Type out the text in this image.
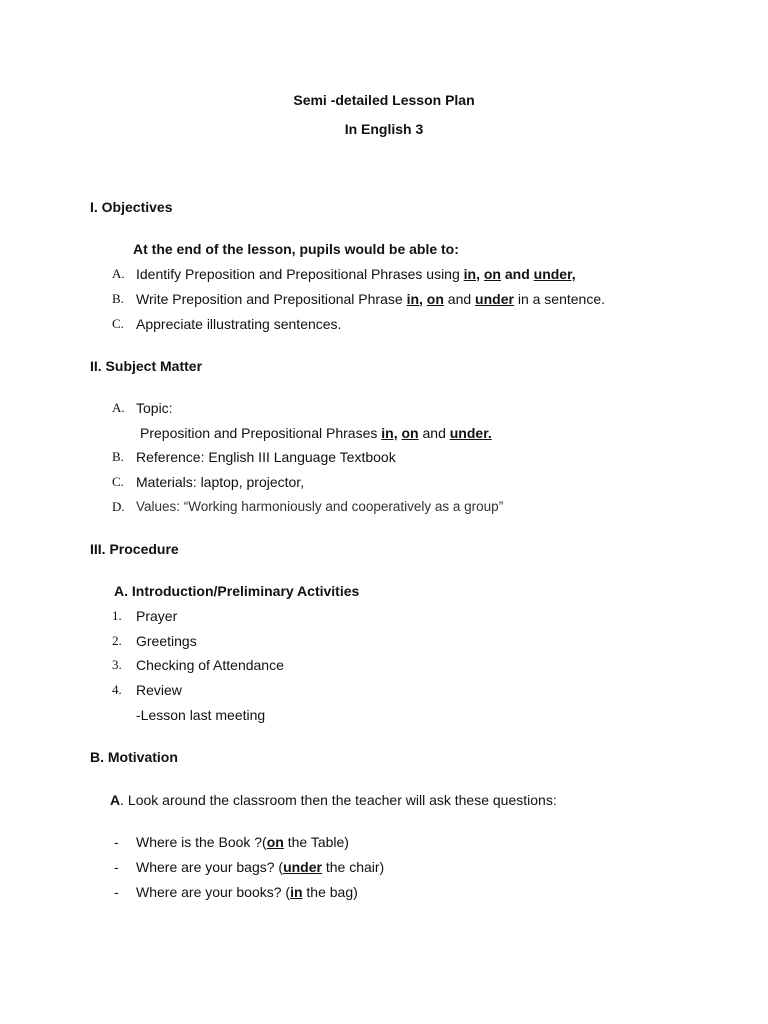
Semi -detailed Lesson Plan
In English 3
I. Objectives
At the end of the lesson, pupils would be able to:
A. Identify Preposition and Prepositional Phrases using in, on and under,
B. Write Preposition and Prepositional Phrase in, on and under in a sentence.
C. Appreciate illustrating sentences.
II. Subject Matter
A. Topic:
Preposition and Prepositional Phrases in, on and under.
B. Reference: English III Language Textbook
C. Materials: laptop, projector,
D. Values: “Working harmoniously and cooperatively as a group”
III. Procedure
A. Introduction/Preliminary Activities
1. Prayer
2. Greetings
3. Checking of Attendance
4. Review
-Lesson last meeting
B. Motivation
A. Look around the classroom then the teacher will ask these questions:
- Where is the Book ?(on the Table)
- Where are your bags? (under the chair)
- Where are your books? (in the bag)
